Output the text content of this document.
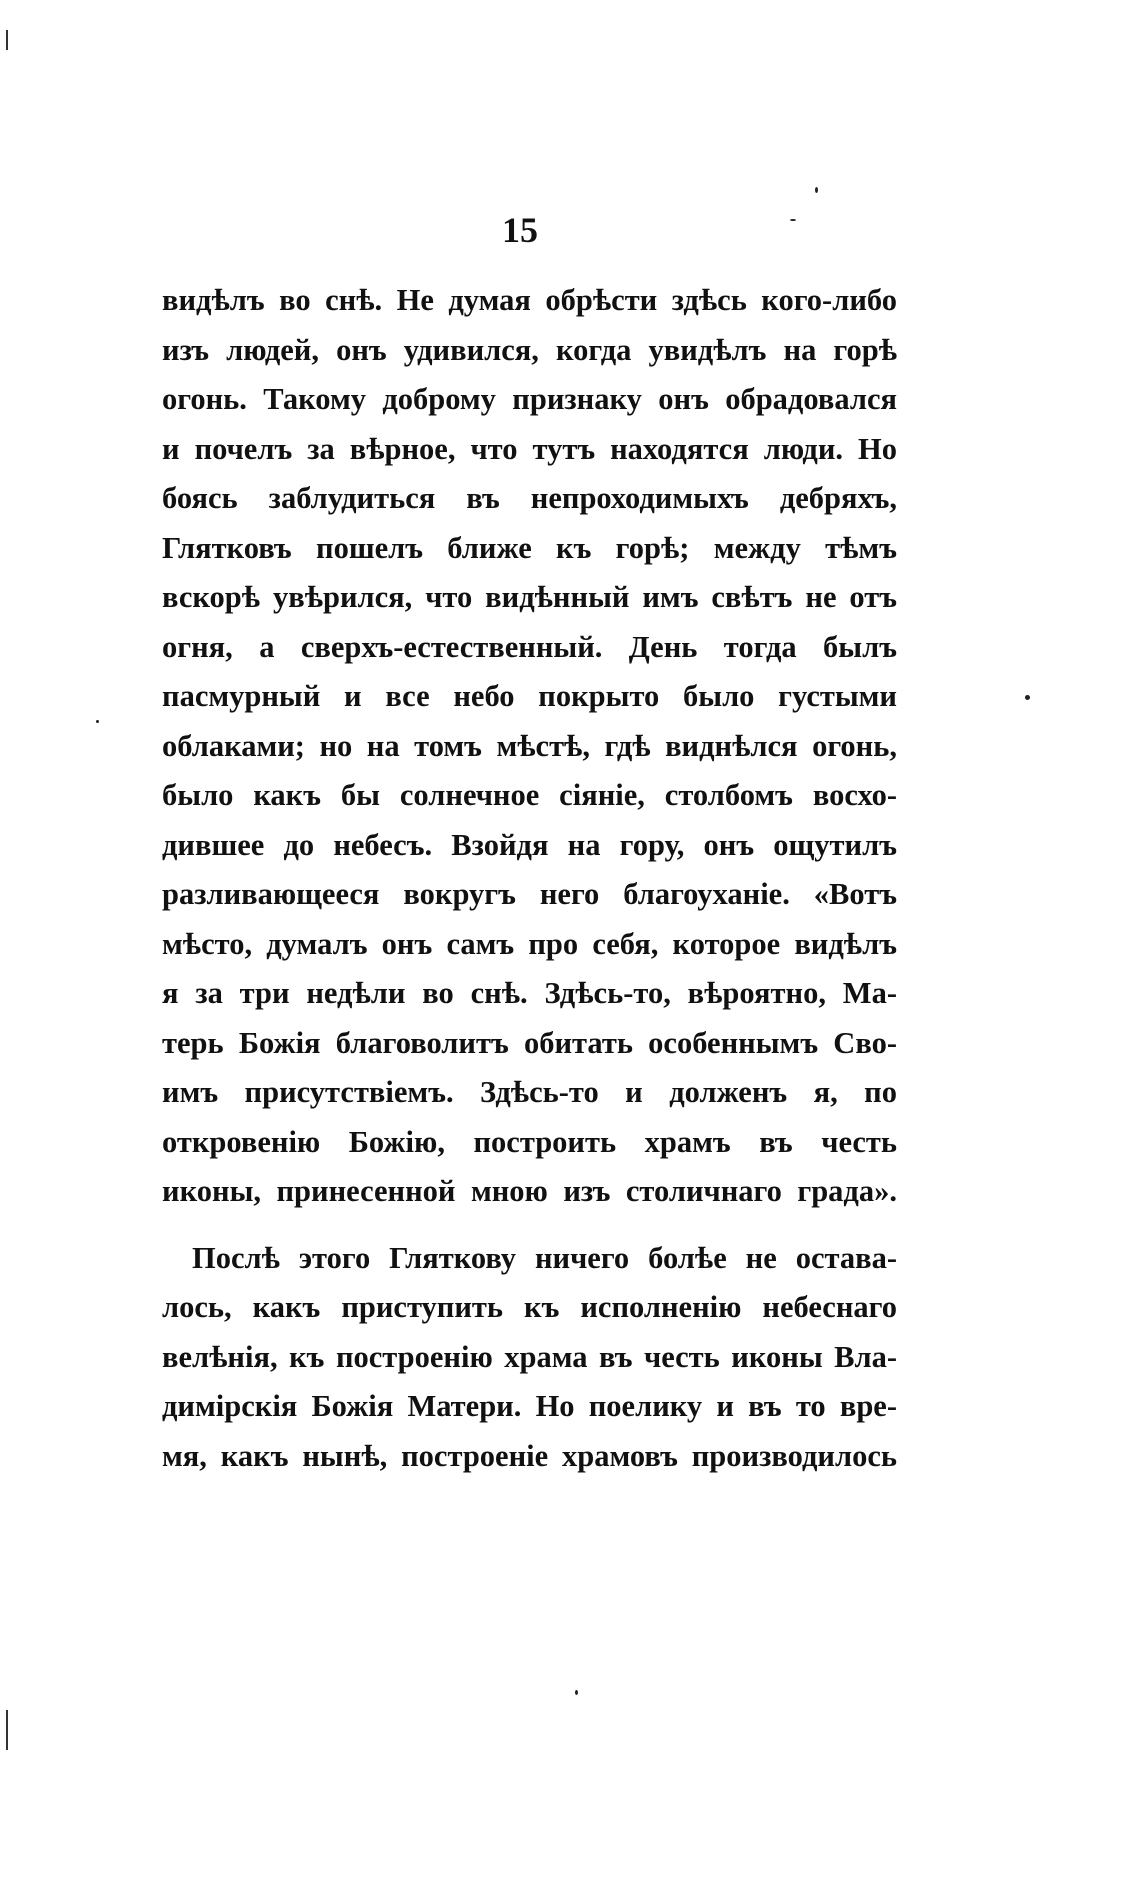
15
видѣлъ во снѣ. Не думая обрѣсти здѣсь кого-либо
изъ людей, онъ удивился, когда увидѣлъ на горѣ
огонь. Такому доброму признаку онъ обрадовался
и почелъ за вѣрное, что тутъ находятся люди. Но
боясь заблудиться въ непроходимыхъ дебряхъ,
Глятковъ пошелъ ближе къ горѣ; между тѣмъ
вскорѣ увѣрился, что видѣнный имъ свѣтъ не отъ
огня, а сверхъ-естественный. День тогда былъ
пасмурный и все небо покрыто было густыми
облаками; но на томъ мѣстѣ, гдѣ виднѣлся огонь,
было какъ бы солнечное сіяніе, столбомъ восхо-
дившее до небесъ. Взойдя на гору, онъ ощутилъ
разливающееся вокругъ него благоуханіе. «Вотъ
мѣсто, думалъ онъ самъ про себя, которое видѣлъ
я за три недѣли во снѣ. Здѣсь-то, вѣроятно, Ма-
терь Божія благоволитъ обитать особеннымъ Сво-
имъ присутствіемъ. Здѣсь-то и долженъ я, по
откровенію Божію, построить храмъ въ честь
иконы, принесенной мною изъ столичнаго града».
Послѣ этого Гляткову ничего болѣе не остава-
лось, какъ приступить къ исполненію небеснаго
велѣнія, къ построенію храма въ честь иконы Вла-
димірскія Божія Матери. Но поелику и въ то вре-
мя, какъ нынѣ, построеніе храмовъ производилось
